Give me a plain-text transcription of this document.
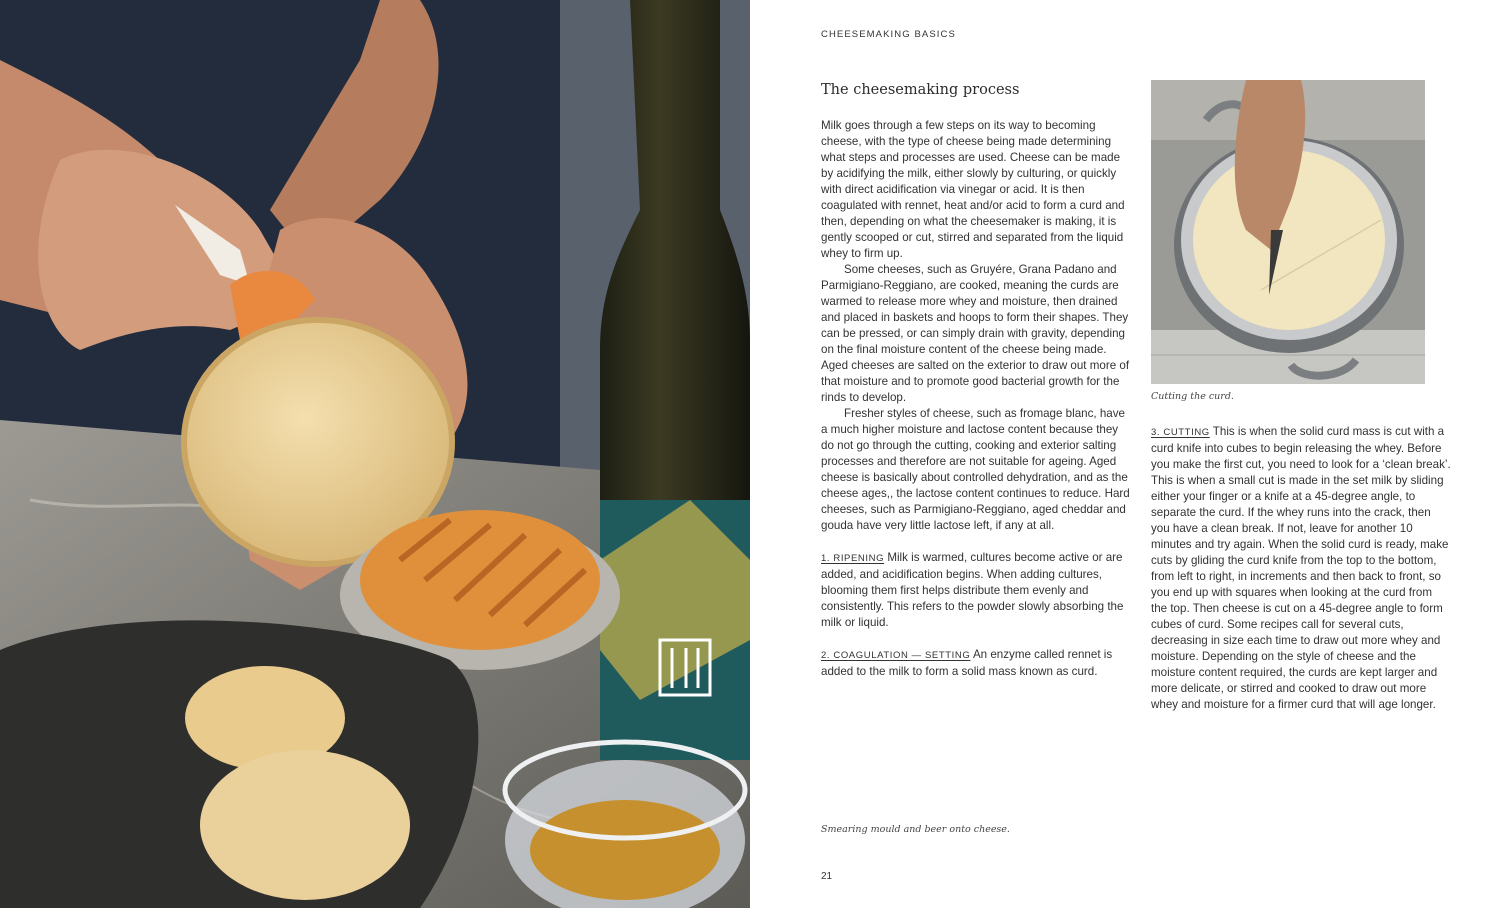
CHEESEMAKING BASICS
The cheesemaking process

Milk goes through a few steps on its way to becoming cheese, with the type of cheese being made determining what steps and processes are used. Cheese can be made by acidifying the milk, either slowly by culturing, or quickly with direct acidification via vinegar or acid. It is then coagulated with rennet, heat and/or acid to form a curd and then, depending on what the cheesemaker is making, it is gently scooped or cut, stirred and separated from the liquid whey to firm up.

Some cheeses, such as Gruyére, Grana Padano and Parmigiano-Reggiano, are cooked, meaning the curds are warmed to release more whey and moisture, then drained and placed in baskets and hoops to form their shapes. They can be pressed, or can simply drain with gravity, depending on the final moisture content of the cheese being made. Aged cheeses are salted on the exterior to draw out more of that moisture and to promote good bacterial growth for the rinds to develop.

Fresher styles of cheese, such as fromage blanc, have a much higher moisture and lactose content because they do not go through the cutting, cooking and exterior salting processes and therefore are not suitable for ageing. Aged cheese is basically about controlled dehydration, and as the cheese ages,, the lactose content continues to reduce. Hard cheeses, such as Parmigiano-Reggiano, aged cheddar and gouda have very little lactose left, if any at all.

1. RIPENING Milk is warmed, cultures become active or are added, and acidification begins. When adding cultures, blooming them first helps distribute them evenly and consistently. This refers to the powder slowly absorbing the milk or liquid.

2. COAGULATION — SETTING An enzyme called rennet is added to the milk to form a solid mass known as curd.

Cutting the curd.

3. CUTTING This is when the solid curd mass is cut with a curd knife into cubes to begin releasing the whey. Before you make the first cut, you need to look for a ‘clean break’. This is when a small cut is made in the set milk by sliding either your finger or a knife at a 45-degree angle, to separate the curd. If the whey runs into the crack, then you have a clean break. If not, leave for another 10 minutes and try again. When the solid curd is ready, make cuts by gliding the curd knife from the top to the bottom, from left to right, in increments and then back to front, so you end up with squares when looking at the curd from the top. Then cheese is cut on a 45-degree angle to form cubes of curd. Some recipes call for several cuts, decreasing in size each time to draw out more whey and moisture. Depending on the style of cheese and the moisture content required, the curds are kept larger and more delicate, or stirred and cooked to draw out more whey and moisture for a firmer curd that will age longer.

Smearing mould and beer onto cheese.
21
